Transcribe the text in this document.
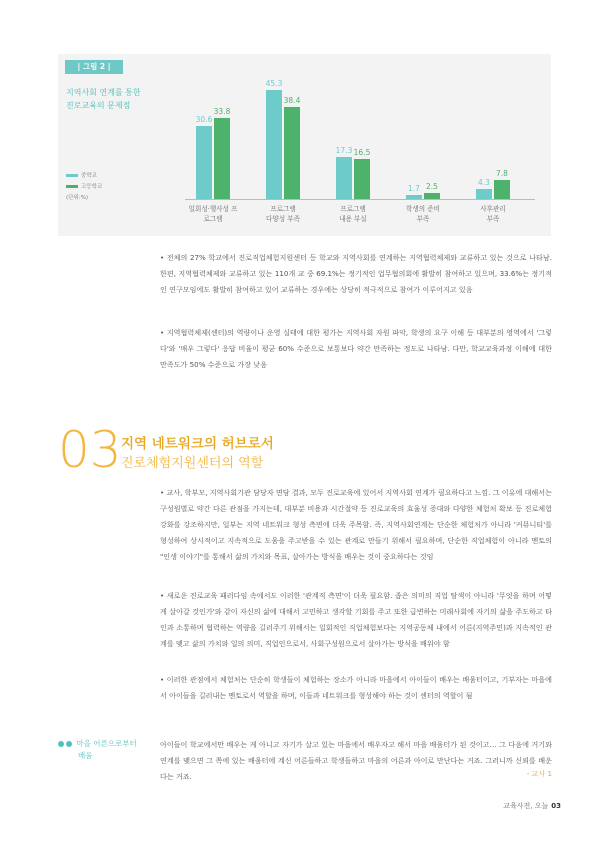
| 그림 2 |
지역사회 연계를 통한
진로교육의 문제점
중학교
고등학교
(단위:%)
30.6
33.8
일회성·행사성 프
로그램
45.3
38.4
프로그램
다양성 부족
17.3 16.5
프로그램
내용 부실
1.7 2.5
학생의 준비
부족
4.3
7.8
사후관리
부족
• 전체의 27% 학교에서 진로직업체험지원센터 등 학교와 지역사회를 연계하는 지역협력체제와 교류하고 있는 것으로 나타남. 한편, 지역협력체제와 교류하고 있는 110개 교 중 69.1%는 정기적인 업무협의회에 활발히 참여하고 있으며, 33.6%는 정기적인 연구모임에도 활발히 참여하고 있어 교류하는 경우에는 상당히 적극적으로 참여가 이루어지고 있음
• 지역협력체제(센터)의 역량이나 운영 실태에 대한 평가는 지역사회 자원 파악, 학생의 요구 이해 등 대부분의 영역에서 '그렇다'와 '매우 그렇다' 응답 비율이 평균 60% 수준으로 보통보다 약간 만족하는 정도로 나타남. 다만, 학교교육과정 이해에 대한 만족도가 50% 수준으로 가장 낮음
03 지역 네트워크의 허브로서
진로체험지원센터의 역할
• 교사, 학부모, 지역사회기관 담당자 면담 결과, 모두 진로교육에 있어서 지역사회 연계가 필요하다고 느낌. 그 이유에 대해서는 구성원별로 약간 다른 관점을 가지는데, 대부분 비용과 시간절약 등 진로교육의 효율성 증대와 다양한 체험처 확보 등 진로체험 강화를 강조하지만, 일부는 지역 네트워크 형성 측면에 더욱 주목함. 즉, 지역사회연계는 단순한 체험처가 아니라 '커뮤니티'를 형성하여 상시적이고 지속적으로 도움을 주고받을 수 있는 관계로 만들기 위해서 필요하며, 단순한 직업체험이 아니라 멘토의 "인생 이야기"를 통해서 삶의 가치와 목표, 살아가는 방식을 배우는 것이 중요하다는 것임
• 새로운 진로교육 패러다임 속에서도 이러한 '관계적 측면'이 더욱 필요함. 좁은 의미의 직업 탐색이 아니라 '무엇을 하며 어떻게 살아갈 것인가'와 같이 자신의 삶에 대해서 고민하고 생각할 기회를 주고 또한 급변하는 미래사회에 자기의 삶을 주도하고 타인과 소통하며 협력하는 역량을 길러주기 위해서는 일회적인 직업체험보다는 지역공동체 내에서 어른(지역주민)과 지속적인 관계를 맺고 삶의 가치와 일의 의미, 직업인으로서, 사회구성원으로서 살아가는 방식을 배워야 함
• 이러한 관점에서 체험처는 단순히 학생들이 체험하는 장소가 아니라 마을에서 아이들이 배우는 배움터이고, 기부자는 마을에서 아이들을 길러내는 멘토로서 역할을 하며, 이들과 네트워크를 형성해야 하는 것이 센터의 역할이 됨
마을 어른으로부터
배움
아이들이 학교에서만 배우는 게 아니고 자기가 살고 있는 마을에서 배우자고 해서 마을 배움터가 된 것이고… 그 다음에 거기와 연계를 맺으면 그 쪽에 있는 배움터에 계신 어른들하고 학생들하고 마을의 어른과 아이로 만난다는 거죠. 그러니까 신뢰를 배운다는 거죠.	- 교사 1
교육사전, 오늘 03
